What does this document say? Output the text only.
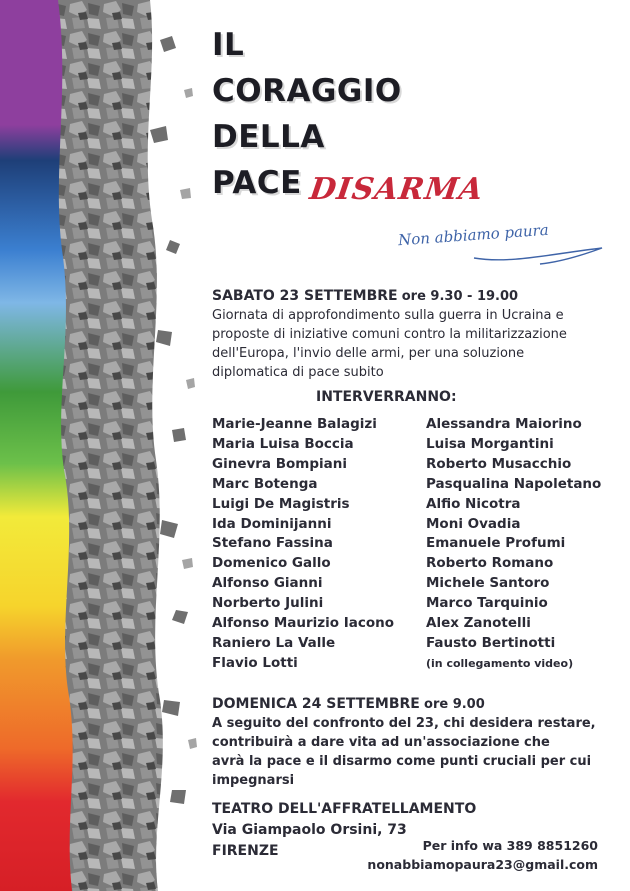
IL
CORAGGIO
DELLA
PACE DISARMA
Non abbiamo paura
SABATO 23 SETTEMBRE ore 9.30 - 19.00
Giornata di approfondimento sulla guerra in Ucraina e
proposte di iniziative comuni contro la militarizzazione
dell'Europa, l'invio delle armi, per una soluzione
diplomatica di pace subito
INTERVERRANNO:
Marie-Jeanne Balagizi
Maria Luisa Boccia
Ginevra Bompiani
Marc Botenga
Luigi De Magistris
Ida Dominijanni
Stefano Fassina
Domenico Gallo
Alfonso Gianni
Norberto Julini
Alfonso Maurizio Iacono
Raniero La Valle
Flavio Lotti
Alessandra Maiorino
Luisa Morgantini
Roberto Musacchio
Pasqualina Napoletano
Alfio Nicotra
Moni Ovadia
Emanuele Profumi
Roberto Romano
Michele Santoro
Marco Tarquinio
Alex Zanotelli
Fausto Bertinotti
(in collegamento video)
DOMENICA 24 SETTEMBRE ore 9.00
A seguito del confronto del 23, chi desidera restare,
contribuirà a dare vita ad un'associazione che
avrà la pace e il disarmo come punti cruciali per cui
impegnarsi
TEATRO DELL'AFFRATELLAMENTO
Via Giampaolo Orsini, 73
FIRENZE	Per info wa 389 8851260
nonabbiamopaura23@gmail.com
